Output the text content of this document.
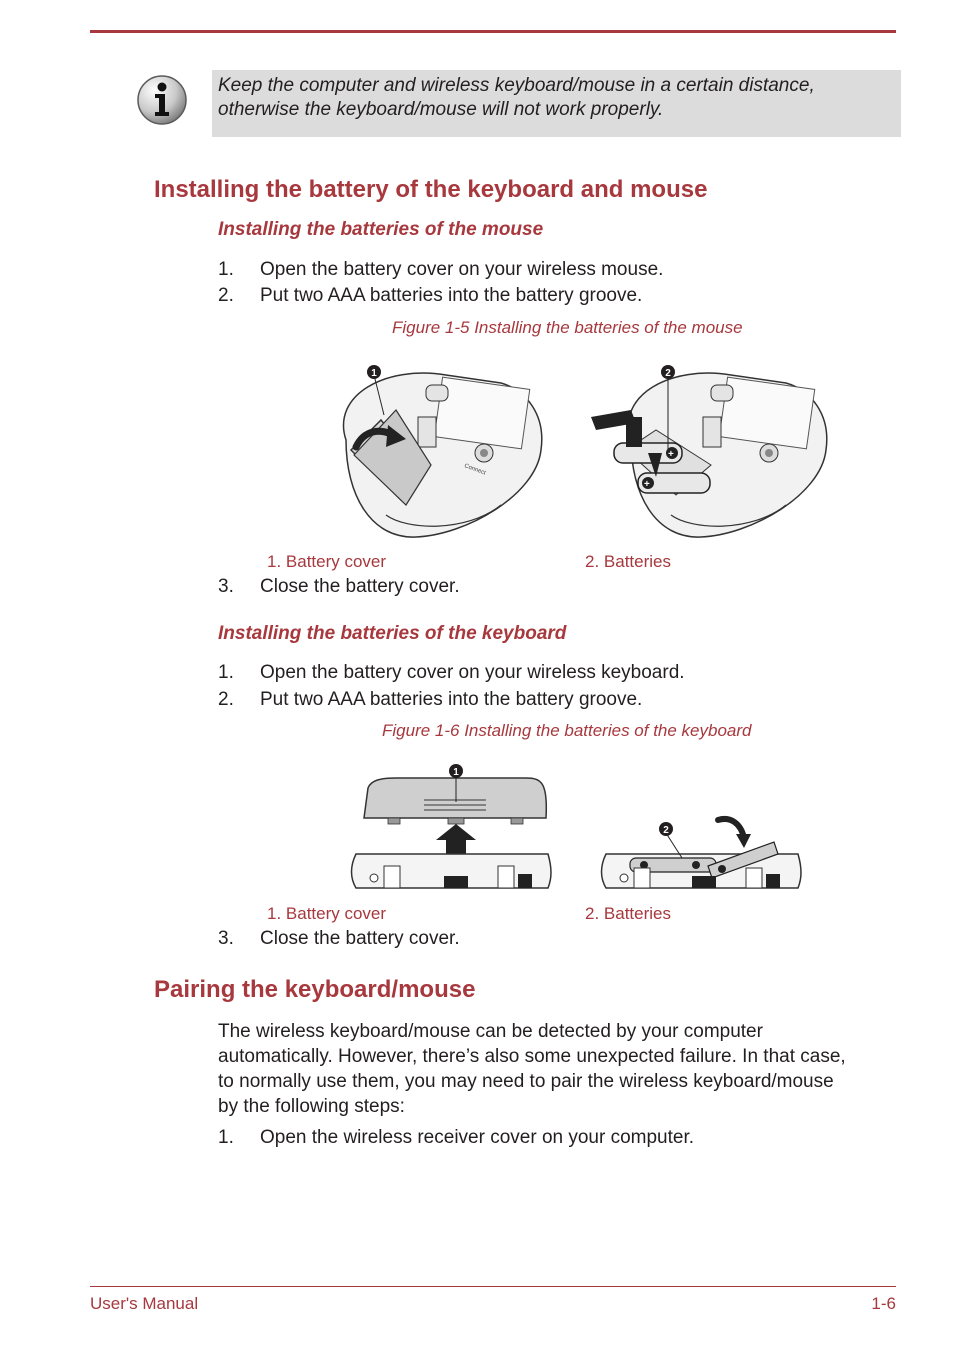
Keep the computer and wireless keyboard/mouse in a certain distance,
otherwise the keyboard/mouse will not work properly.
Installing the battery of the keyboard and mouse
Installing the batteries of the mouse
1. Open the battery cover on your wireless mouse.
2. Put two AAA batteries into the battery groove.
Figure 1-5 Installing the batteries of the mouse
Connect
+
+
1	2
1. Battery cover	2. Batteries
3. Close the battery cover.
Installing the batteries of the keyboard
1. Open the battery cover on your wireless keyboard.
2. Put two AAA batteries into the battery groove.
Figure 1-6 Installing the batteries of the keyboard
1
2
1. Battery cover	2. Batteries
3. Close the battery cover.
Pairing the keyboard/mouse
The wireless keyboard/mouse can be detected by your computer
automatically. However, there’s also some unexpected failure. In that case,
to normally use them, you may need to pair the wireless keyboard/mouse
by the following steps:
1. Open the wireless receiver cover on your computer.
User's Manual	1-6
